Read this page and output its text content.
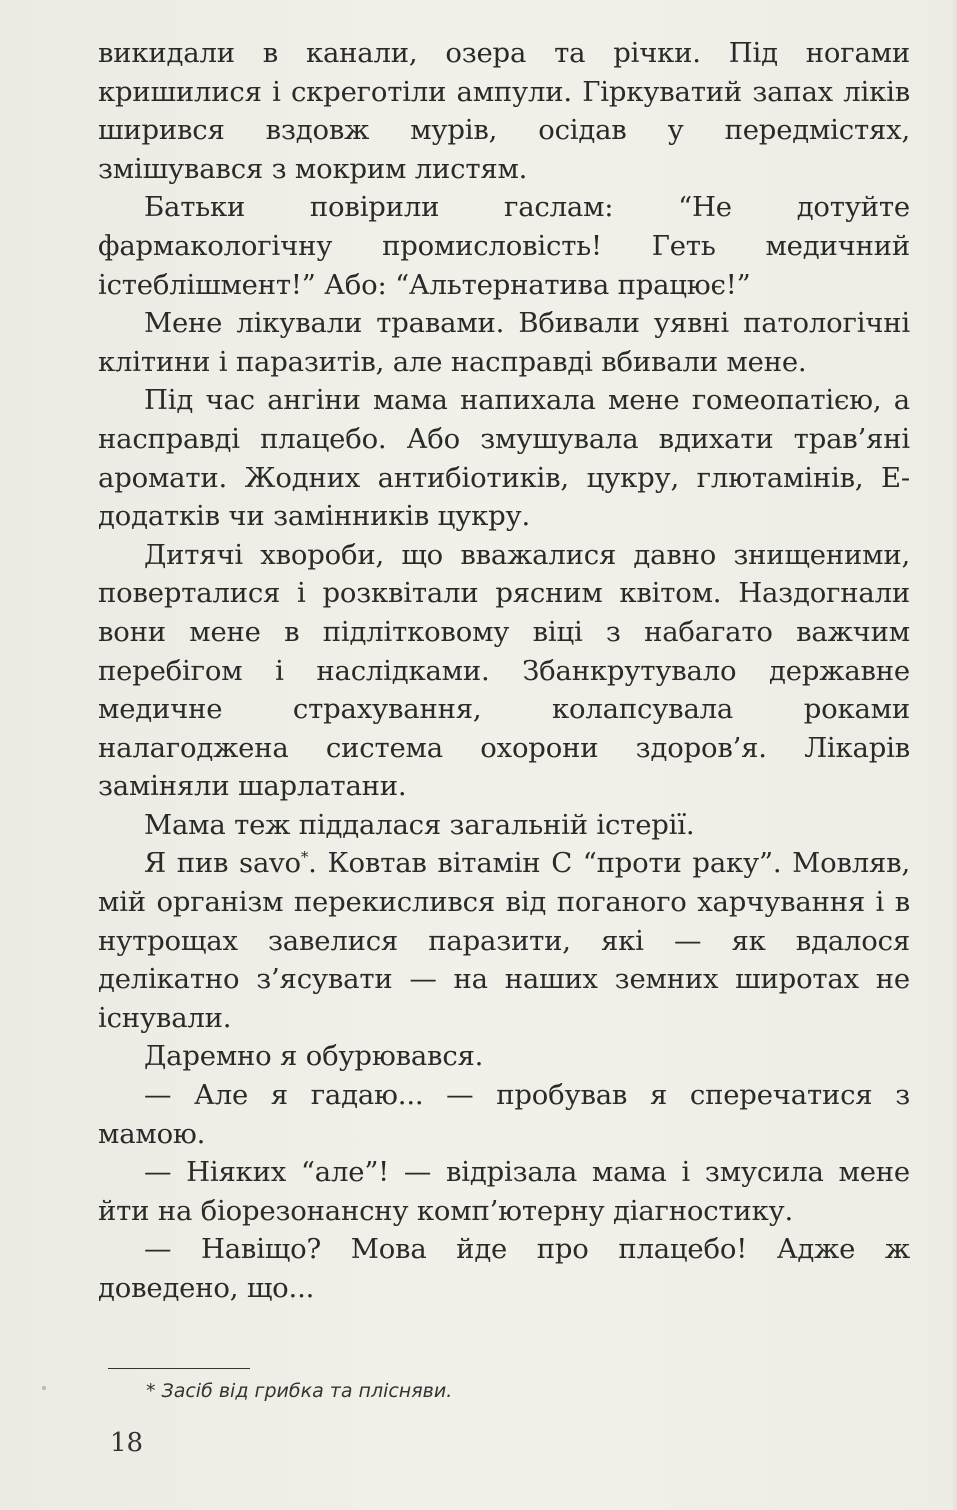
викидали в канали, озера та річки. Під ногами кришилися і скреготіли ампули. Гіркуватий запах ліків ширився вздовж мурів, осідав у передмістях, змішувався з мокрим листям.

Батьки повірили гаслам: “Не дотуйте фармакологічну промисловість! Геть медичний істеблішмент!” Або: “Альтернатива працює!”

Мене лікували травами. Вбивали уявні патологічні клітини і паразитів, але насправді вбивали мене.

Під час ангіни мама напихала мене гомеопатією, а насправді плацебо. Або змушувала вдихати трав’яні аромати. Жодних антибіотиків, цукру, глютамінів, Е-додатків чи замінників цукру.

Дитячі хвороби, що вважалися давно знищеними, поверталися і розквітали рясним квітом. Наздогнали вони мене в підлітковому віці з набагато важчим перебігом і наслідками. Збанкрутувало державне медичне страхування, колапсувала роками налагоджена система охорони здоров’я. Лікарів заміняли шарлатани.

Мама теж піддалася загальній істерії.

Я пив savo*. Ковтав вітамін С “проти раку”. Мовляв, мій організм перекислився від поганого харчування і в нутрощах завелися паразити, які — як вдалося делікатно з’ясувати — на наших земних широтах не існували.

Даремно я обурювався.

— Але я гадаю... — пробував я сперечатися з мамою.

— Ніяких “але”! — відрізала мама і змусила мене йти на біорезонансну комп’ютерну діагностику.

— Навіщо? Мова йде про плацебо! Адже ж доведено, що...

* Засіб від грибка та плісняви.
18
